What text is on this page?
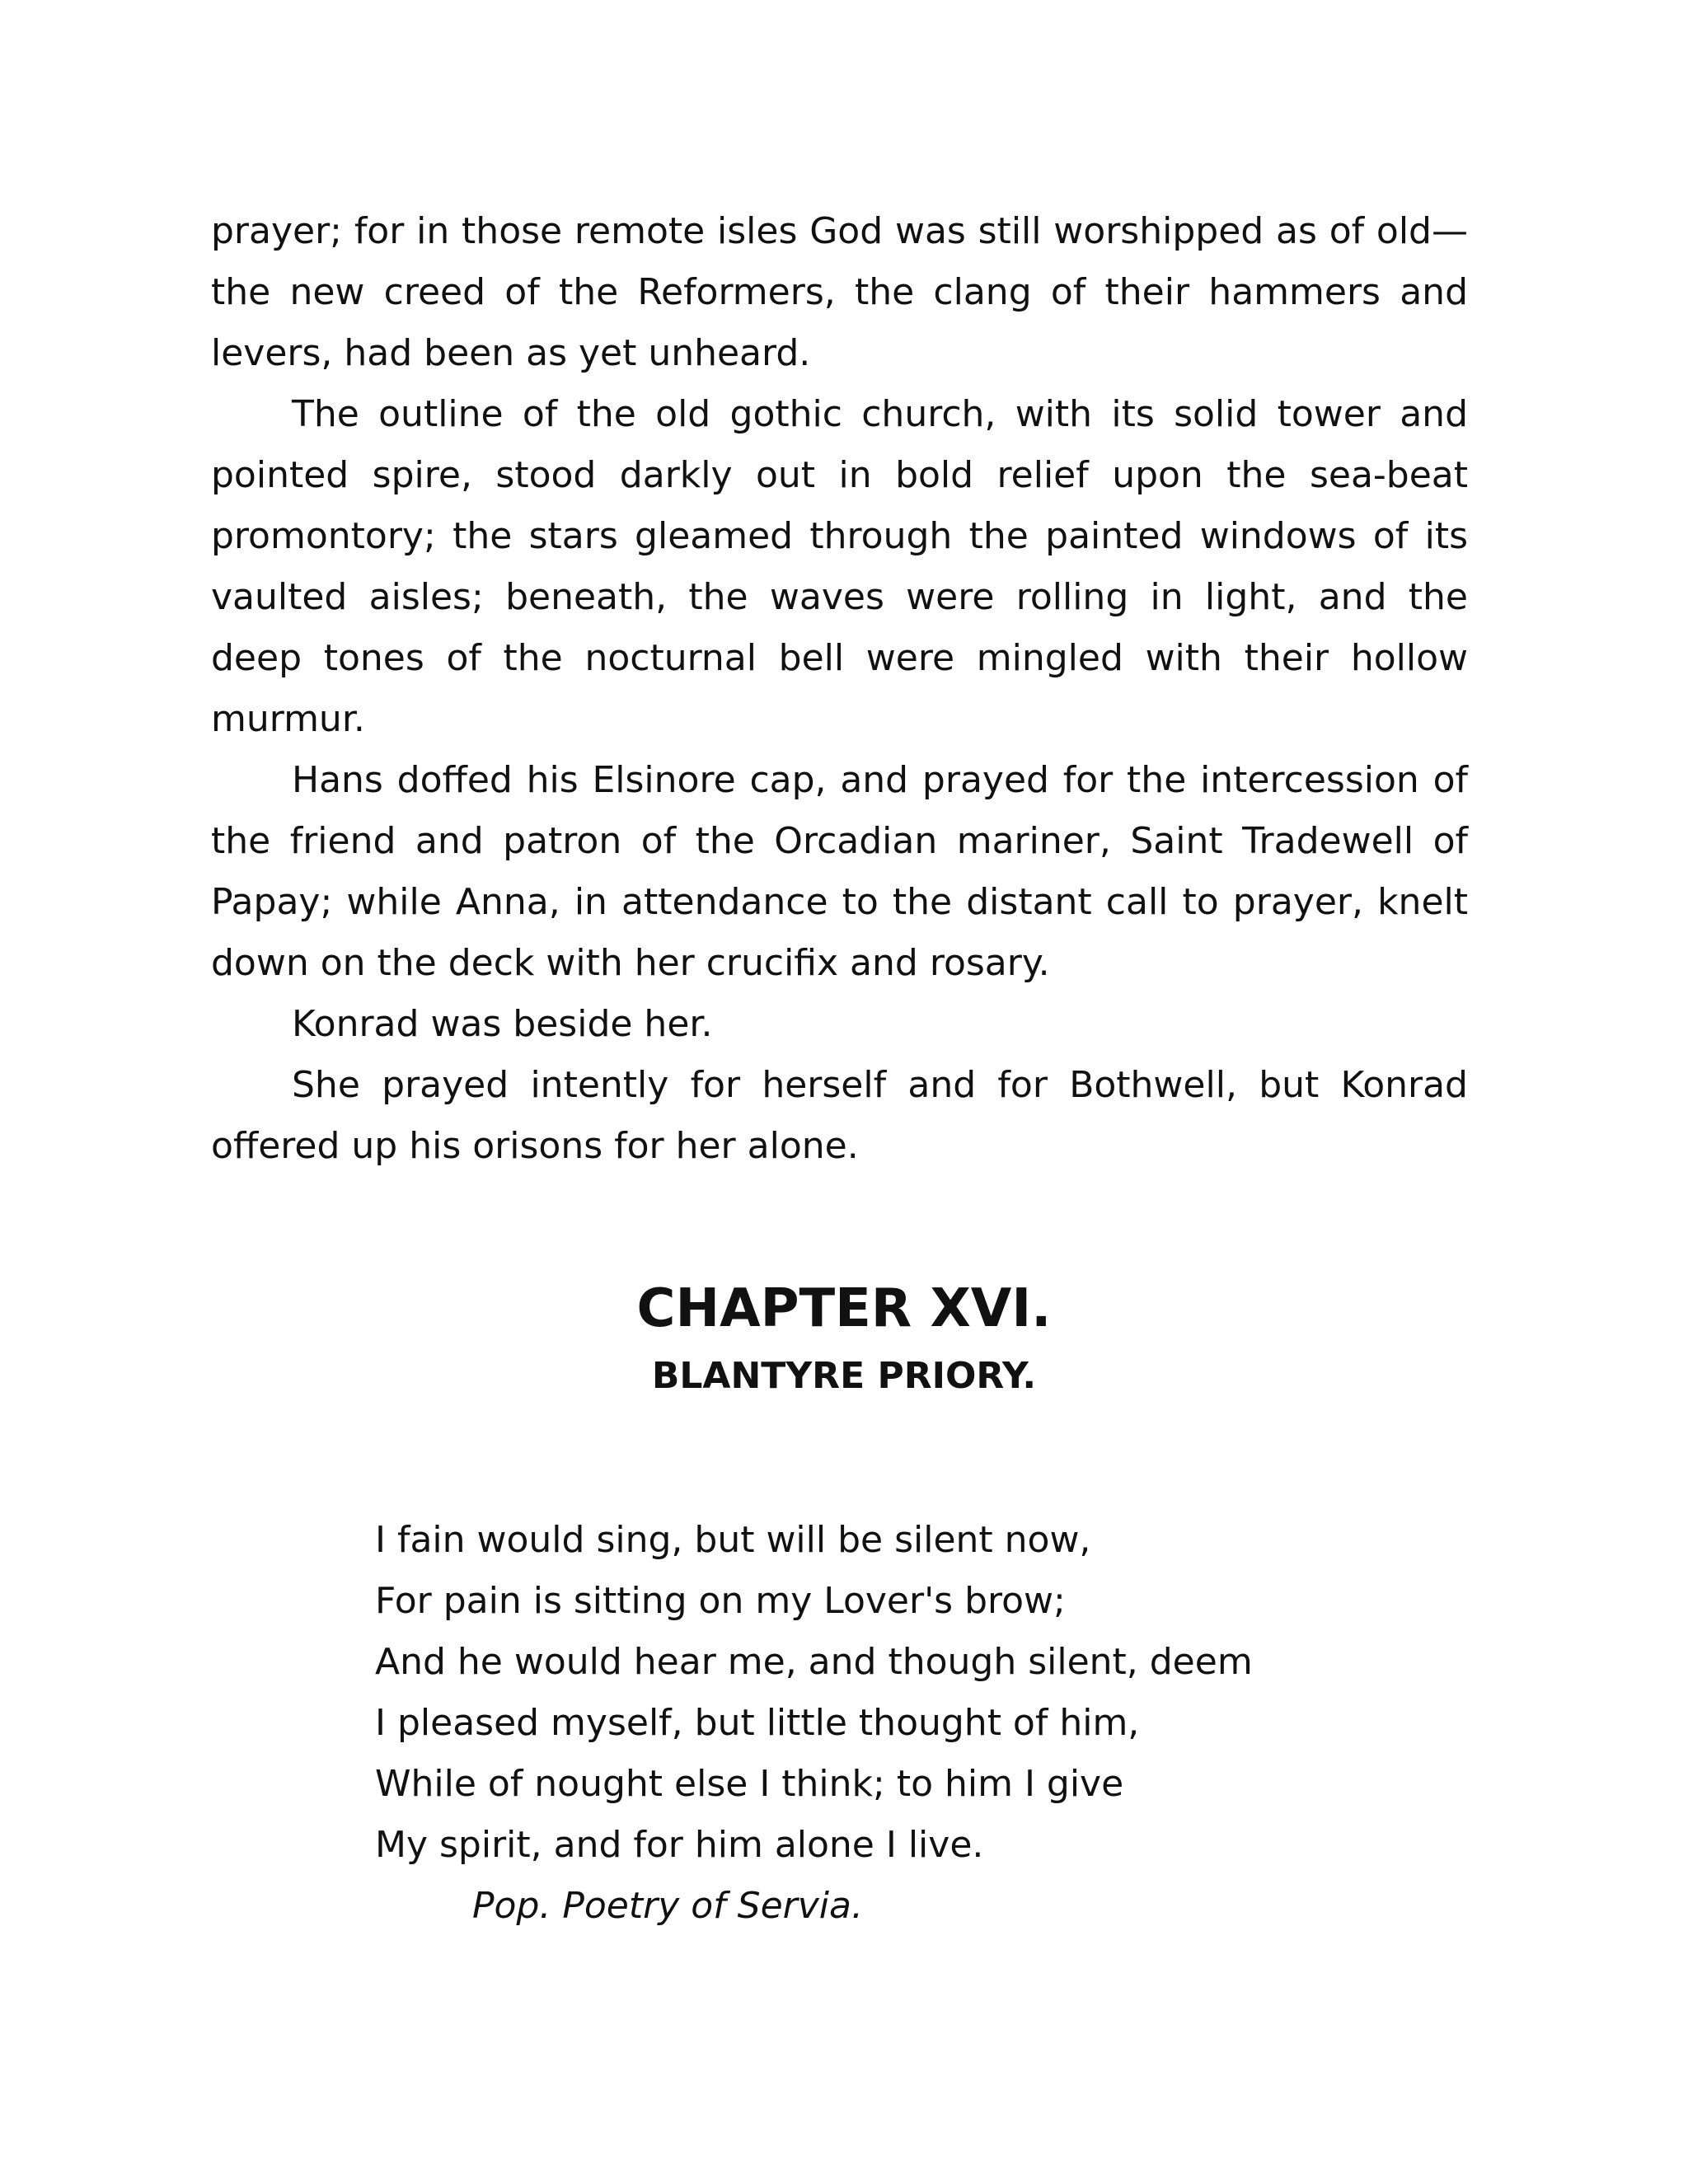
prayer; for in those remote isles God was still worshipped as of old—the new creed of the Reformers, the clang of their hammers and levers, had been as yet unheard.

The outline of the old gothic church, with its solid tower and pointed spire, stood darkly out in bold relief upon the sea-beat promontory; the stars gleamed through the painted windows of its vaulted aisles; beneath, the waves were rolling in light, and the deep tones of the nocturnal bell were mingled with their hollow murmur.

Hans doffed his Elsinore cap, and prayed for the intercession of the friend and patron of the Orcadian mariner, Saint Tradewell of Papay; while Anna, in attendance to the distant call to prayer, knelt down on the deck with her crucifix and rosary.

Konrad was beside her.

She prayed intently for herself and for Bothwell, but Konrad offered up his orisons for her alone.

CHAPTER XVI.
BLANTYRE PRIORY.

I fain would sing, but will be silent now,

For pain is sitting on my Lover's brow;

And he would hear me, and though silent, deem

I pleased myself, but little thought of him,

While of nought else I think; to him I give

My spirit, and for him alone I live.

Pop. Poetry of Servia.
